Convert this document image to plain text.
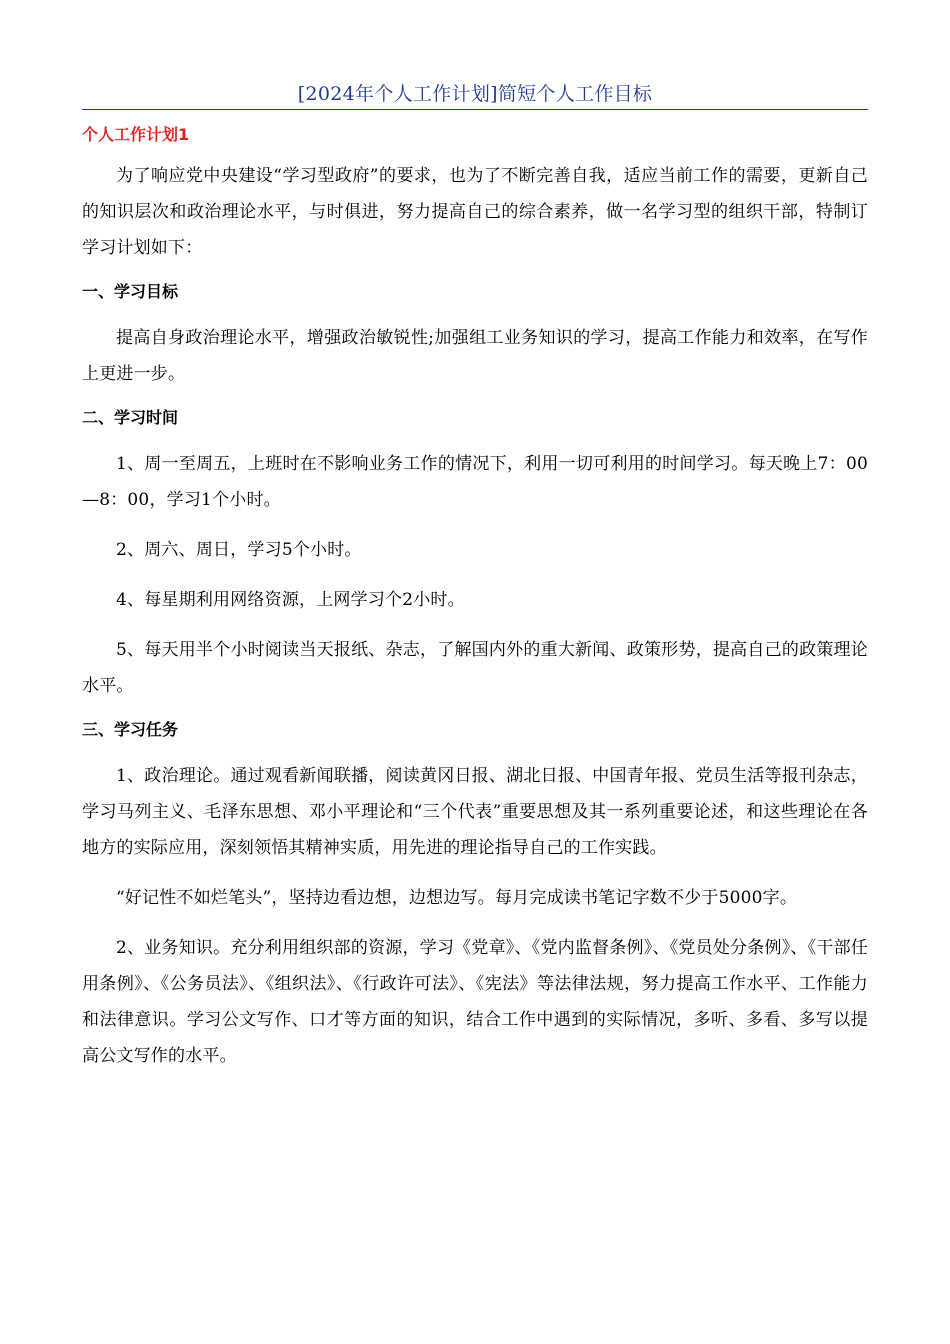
[2024年个人工作计划]简短个人工作目标
个人工作计划1

为了响应党中央建设“学习型政府”的要求，也为了不断完善自我，适应当前工作的需要，更新自己的知识层次和政治理论水平，与时俱进，努力提高自己的综合素养，做一名学习型的组织干部，特制订学习计划如下：

一、学习目标

提高自身政治理论水平，增强政治敏锐性;加强组工业务知识的学习，提高工作能力和效率，在写作上更进一步。

二、学习时间

1、周一至周五，上班时在不影响业务工作的情况下，利用一切可利用的时间学习。每天晚上7：00—8：00，学习1个小时。

2、周六、周日，学习5个小时。

4、每星期利用网络资源，上网学习个2小时。

5、每天用半个小时阅读当天报纸、杂志，了解国内外的重大新闻、政策形势，提高自己的政策理论水平。

三、学习任务

1、政治理论。通过观看新闻联播，阅读黄冈日报、湖北日报、中国青年报、党员生活等报刊杂志，学习马列主义、毛泽东思想、邓小平理论和“三个代表”重要思想及其一系列重要论述，和这些理论在各地方的实际应用，深刻领悟其精神实质，用先进的理论指导自己的工作实践。

“好记性不如烂笔头”，坚持边看边想，边想边写。每月完成读书笔记字数不少于5000字。

2、业务知识。充分利用组织部的资源，学习《党章》、《党内监督条例》、《党员处分条例》、《干部任用条例》、《公务员法》、《组织法》、《行政许可法》、《宪法》等法律法规，努力提高工作水平、工作能力和法律意识。学习公文写作、口才等方面的知识，结合工作中遇到的实际情况，多听、多看、多写以提高公文写作的水平。
